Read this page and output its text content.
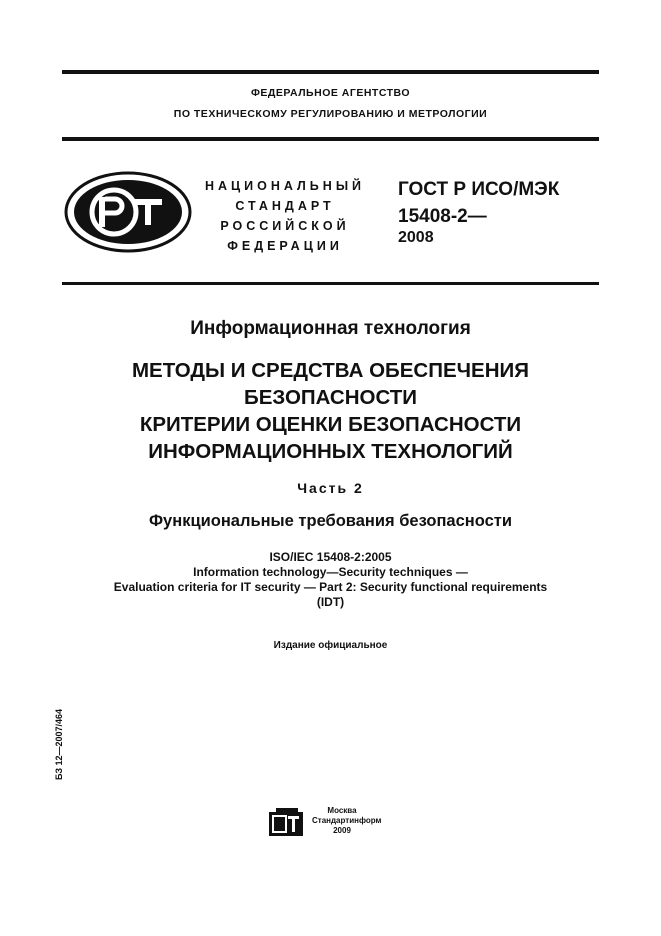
ФЕДЕРАЛЬНОЕ АГЕНТСТВО
ПО ТЕХНИЧЕСКОМУ РЕГУЛИРОВАНИЮ И МЕТРОЛОГИИ
НАЦИОНАЛЬНЫЙ
СТАНДАРТ
РОССИЙСКОЙ
ФЕДЕРАЦИИ
ГОСТ Р ИСО/МЭК
15408-2—
2008
Информационная технология
МЕТОДЫ И СРЕДСТВА ОБЕСПЕЧЕНИЯ
БЕЗОПАСНОСТИ
КРИТЕРИИ ОЦЕНКИ БЕЗОПАСНОСТИ
ИНФОРМАЦИОННЫХ ТЕХНОЛОГИЙ
Часть 2
Функциональные требования безопасности
ISO/IEC 15408-2:2005
Information technology—Security techniques —
Evaluation criteria for IT security — Part 2: Security functional requirements
(IDT)
Издание официальное
БЗ 12—2007/464
Москва
Стандартинформ
2009
